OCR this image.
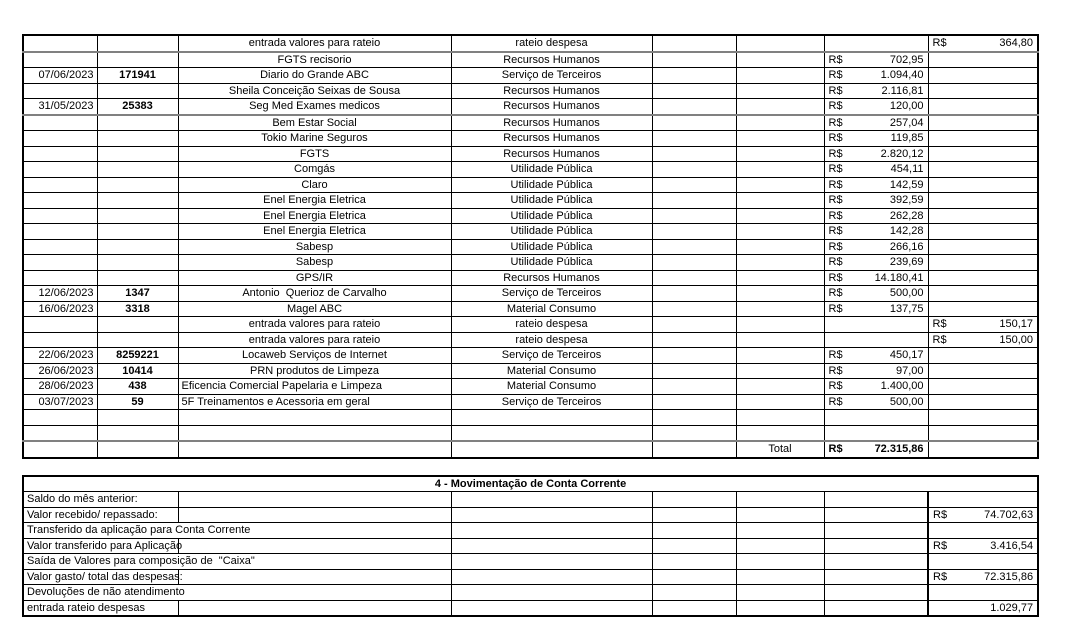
		entrada valores para rateio	rateio despesa				R$ 364,80

		FGTS recisorio	Recursos Humanos			R$ 702,95	

07/06/2023	171941	Diario do Grande ABC	Serviço de Terceiros			R$ 1.094,40	

		Sheila Conceição Seixas de Sousa	Recursos Humanos			R$ 2.116,81	

31/05/2023	25383	Seg Med Exames medicos	Recursos Humanos			R$ 120,00	

		Bem Estar Social	Recursos Humanos			R$ 257,04	

		Tokio Marine Seguros	Recursos Humanos			R$ 119,85	

		FGTS	Recursos Humanos			R$ 2.820,12	

		Comgás	Utilidade Pública			R$ 454,11	

		Claro	Utilidade Pública			R$ 142,59	

		Enel Energia Eletrica	Utilidade Pública			R$ 392,59	

		Enel Energia Eletrica	Utilidade Pública			R$ 262,28	

		Enel Energia Eletrica	Utilidade Pública			R$ 142,28	

		Sabesp	Utilidade Pública			R$ 266,16	

		Sabesp	Utilidade Pública			R$ 239,69	

		GPS/IR	Recursos Humanos			R$ 14.180,41	

12/06/2023	1347	Antonio  Querioz de Carvalho	Serviço de Terceiros			R$ 500,00	

16/06/2023	3318	Magel ABC	Material Consumo			R$ 137,75	

		entrada valores para rateio	rateio despesa				R$ 150,17

		entrada valores para rateio	rateio despesa				R$ 150,00

22/06/2023	8259221	Locaweb Serviços de Internet	Serviço de Terceiros			R$ 450,17	

26/06/2023	10414	PRN produtos de Limpeza	Material Consumo			R$ 97,00	

28/06/2023	438	Eficencia Comercial Papelaria e Limpeza	Material Consumo			R$ 1.400,00	

03/07/2023	59	5F Treinamentos e Acessoria em geral	Serviço de Terceiros			R$ 500,00	

					Total	R$ 72.315,86	

4 - Movimentação de Conta Corrente						
Saldo do mês anterior:						
Valor recebido/ repassado:						R$ 74.702,63

Transferido da aplicação para Conta Corrente						
Valor transferido para Aplicação						R$ 3.416,54

Saída de Valores para composição de  "Caixa"						
Valor gasto/ total das despesas:						R$ 72.315,86

Devoluções de não atendimento						
entrada rateio despesas						1.029,77
